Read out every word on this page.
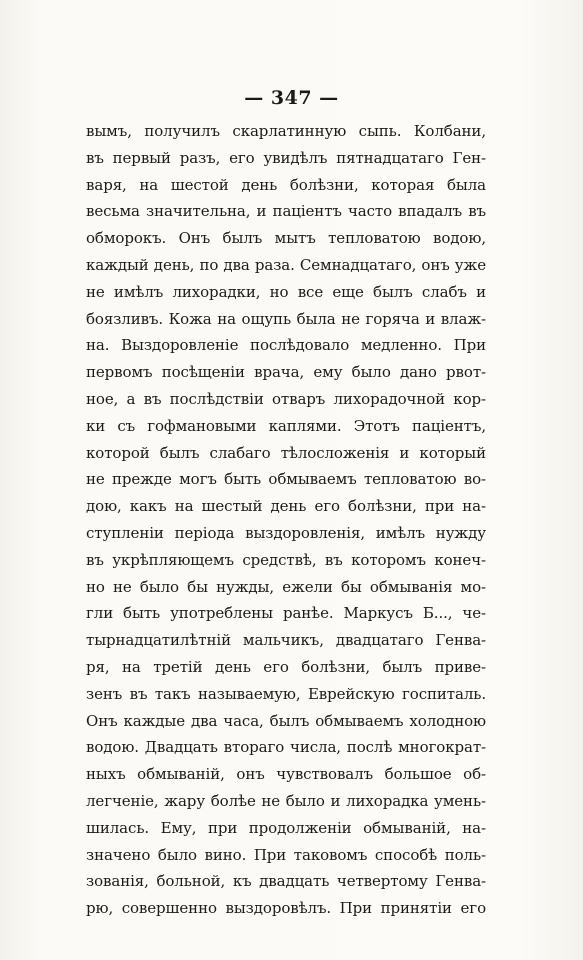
— 347 —
вымъ, получилъ скарлатинную сыпь. Колбани,
въ первый разъ, его увидѣлъ пятнадцатаго Ген-
варя, на шестой день болѣзни, которая была
весьма значительна, и паціентъ часто впадалъ въ
обморокъ. Онъ былъ мытъ тепловатою водою,
каждый день, по два раза. Семнадцатаго, онъ уже
не имѣлъ лихорадки, но все еще былъ слабъ и
боязливъ. Кожа на ощупь была не горяча и влаж-
на. Выздоровленіе послѣдовало медленно. При
первомъ посѣщеніи врача, ему было дано рвот-
ное, а въ послѣдствіи отваръ лихорадочной кор-
ки съ гофмановыми каплями. Этотъ паціентъ,
которой былъ слабаго тѣлосложенія и который
не прежде могъ быть обмываемъ тепловатою во-
дою, какъ на шестый день его болѣзни, при на-
ступленіи періода выздоровленія, имѣлъ нужду
въ укрѣпляющемъ средствѣ, въ которомъ конеч-
но не было бы нужды, ежели бы обмыванія мо-
гли быть употреблены ранѣе. Маркусъ Б..., че-
тырнадцатилѣтній мальчикъ, двадцатаго Генва-
ря, на третій день его болѣзни, былъ приве-
зенъ въ такъ называемую, Еврейскую госпиталь.
Онъ каждые два часа, былъ обмываемъ холодною
водою. Двадцать втораго числа, послѣ многократ-
ныхъ обмываній, онъ чувствовалъ большое об-
легченіе, жару болѣе не было и лихорадка умень-
шилась. Ему, при продолженіи обмываній, на-
значено было вино. При таковомъ способѣ поль-
зованія, больной, къ двадцать четвертому Генва-
рю, совершенно выздоровѣлъ. При принятіи его
